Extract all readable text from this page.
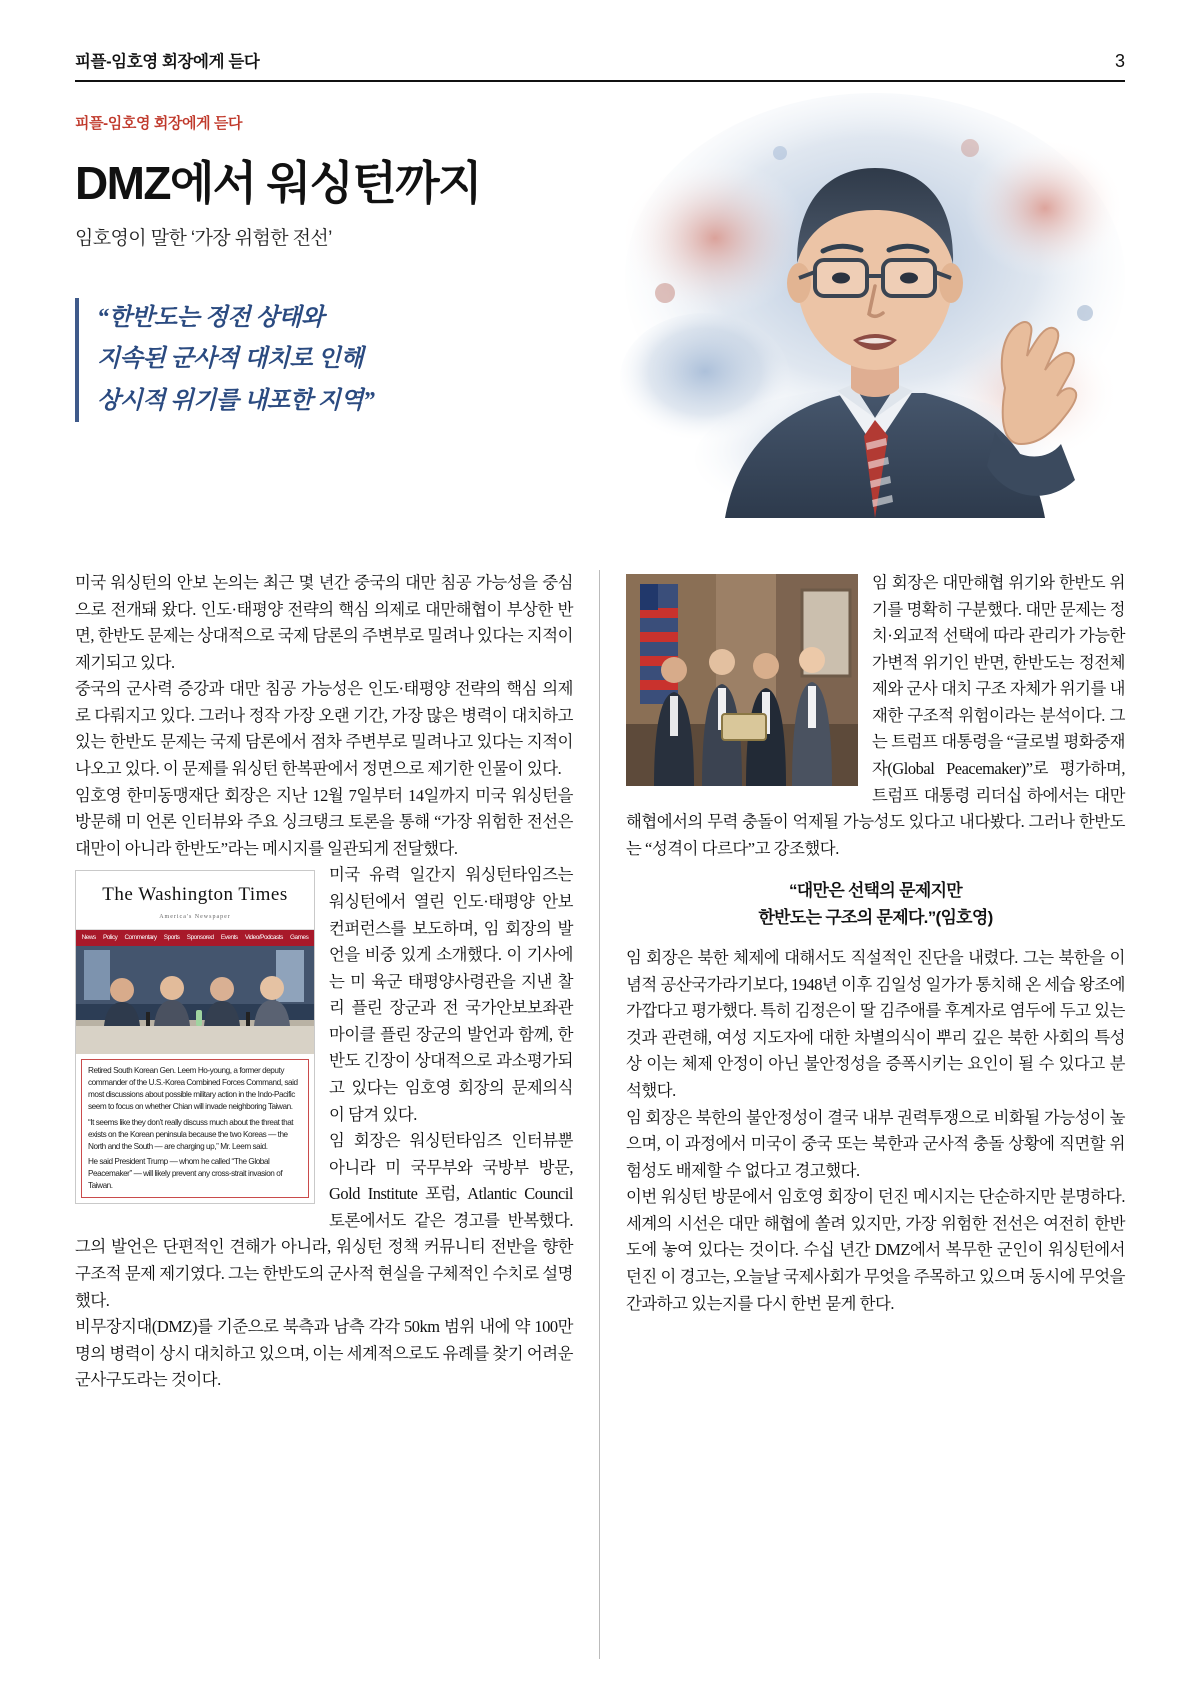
피플-임호영 회장에게 듣다	3
피플-임호영 회장에게 듣다
DMZ에서 워싱턴까지
임호영이 말한 ‘가장 위험한 전선’
“한반도는 정전 상태와
지속된 군사적 대치로 인해
상시적 위기를 내포한 지역”

미국 워싱턴의 안보 논의는 최근 몇 년간 중국의 대만 침공 가능성을 중심으로 전개돼 왔다. 인도·태평양 전략의 핵심 의제로 대만해협이 부상한 반면, 한반도 문제는 상대적으로 국제 담론의 주변부로 밀려나 있다는 지적이 제기되고 있다.

중국의 군사력 증강과 대만 침공 가능성은 인도·태평양 전략의 핵심 의제로 다뤄지고 있다. 그러나 정작 가장 오랜 기간, 가장 많은 병력이 대치하고 있는 한반도 문제는 국제 담론에서 점차 주변부로 밀려나고 있다는 지적이 나오고 있다. 이 문제를 워싱턴 한복판에서 정면으로 제기한 인물이 있다.

임호영 한미동맹재단 회장은 지난 12월 7일부터 14일까지 미국 워싱턴을 방문해 미 언론 인터뷰와 주요 싱크탱크 토론을 통해 “가장 위험한 전선은 대만이 아니라 한반도”라는 메시지를 일관되게 전달했다.

The Washington Times
America's Newspaper
News Policy Commentary Sports Sponsored Events Video/Podcasts Games
Retired South Korean Gen. Leem Ho-young, a former deputy commander of the U.S.-Korea Combined Forces Command, said most discussions about possible military action in the Indo-Pacific seem to focus on whether Chian will invade neighboring Taiwan.
“It seems like they don’t really discuss much about the threat that exists on the Korean peninsula because the two Koreas — the North and the South — are charging up,” Mr. Leem said.
He said President Trump — whom he called “The Global Peacemaker” — will likely prevent any cross-strait invasion of Taiwan.

미국 유력 일간지 워싱턴타임즈는 워싱턴에서 열린 인도·태평양 안보 컨퍼런스를 보도하며, 임 회장의 발언을 비중 있게 소개했다. 이 기사에는 미 육군 태평양사령관을 지낸 찰리 플린 장군과 전 국가안보보좌관 마이클 플린 장군의 발언과 함께, 한반도 긴장이 상대적으로 과소평가되고 있다는 임호영 회장의 문제의식이 담겨 있다.

임 회장은 워싱턴타임즈 인터뷰뿐 아니라 미 국무부와 국방부 방문, Gold Institute 포럼, Atlantic Council 토론에서도 같은 경고를 반복했다. 그의 발언은 단편적인 견해가 아니라, 워싱턴 정책 커뮤니티 전반을 향한 구조적 문제 제기였다. 그는 한반도의 군사적 현실을 구체적인 수치로 설명했다.

비무장지대(DMZ)를 기준으로 북측과 남측 각각 50km 범위 내에 약 100만 명의 병력이 상시 대치하고 있으며, 이는 세계적으로도 유례를 찾기 어려운 군사구도라는 것이다.

임 회장은 대만해협 위기와 한반도 위기를 명확히 구분했다. 대만 문제는 정치·외교적 선택에 따라 관리가 가능한 가변적 위기인 반면, 한반도는 정전체제와 군사 대치 구조 자체가 위기를 내재한 구조적 위험이라는 분석이다. 그는 트럼프 대통령을 “글로벌 평화중재자(Global Peacemaker)”로 평가하며, 트럼프 대통령 리더십 하에서는 대만해협에서의 무력 충돌이 억제될 가능성도 있다고 내다봤다. 그러나 한반도는 “성격이 다르다”고 강조했다.

“대만은 선택의 문제지만
한반도는 구조의 문제다.”(임호영)

임 회장은 북한 체제에 대해서도 직설적인 진단을 내렸다. 그는 북한을 이념적 공산국가라기보다, 1948년 이후 김일성 일가가 통치해 온 세습 왕조에 가깝다고 평가했다. 특히 김정은이 딸 김주애를 후계자로 염두에 두고 있는 것과 관련해, 여성 지도자에 대한 차별의식이 뿌리 깊은 북한 사회의 특성상 이는 체제 안정이 아닌 불안정성을 증폭시키는 요인이 될 수 있다고 분석했다.

임 회장은 북한의 불안정성이 결국 내부 권력투쟁으로 비화될 가능성이 높으며, 이 과정에서 미국이 중국 또는 북한과 군사적 충돌 상황에 직면할 위험성도 배제할 수 없다고 경고했다.

이번 워싱턴 방문에서 임호영 회장이 던진 메시지는 단순하지만 분명하다. 세계의 시선은 대만 해협에 쏠려 있지만, 가장 위험한 전선은 여전히 한반도에 놓여 있다는 것이다. 수십 년간 DMZ에서 복무한 군인이 워싱턴에서 던진 이 경고는, 오늘날 국제사회가 무엇을 주목하고 있으며 동시에 무엇을 간과하고 있는지를 다시 한번 묻게 한다.
